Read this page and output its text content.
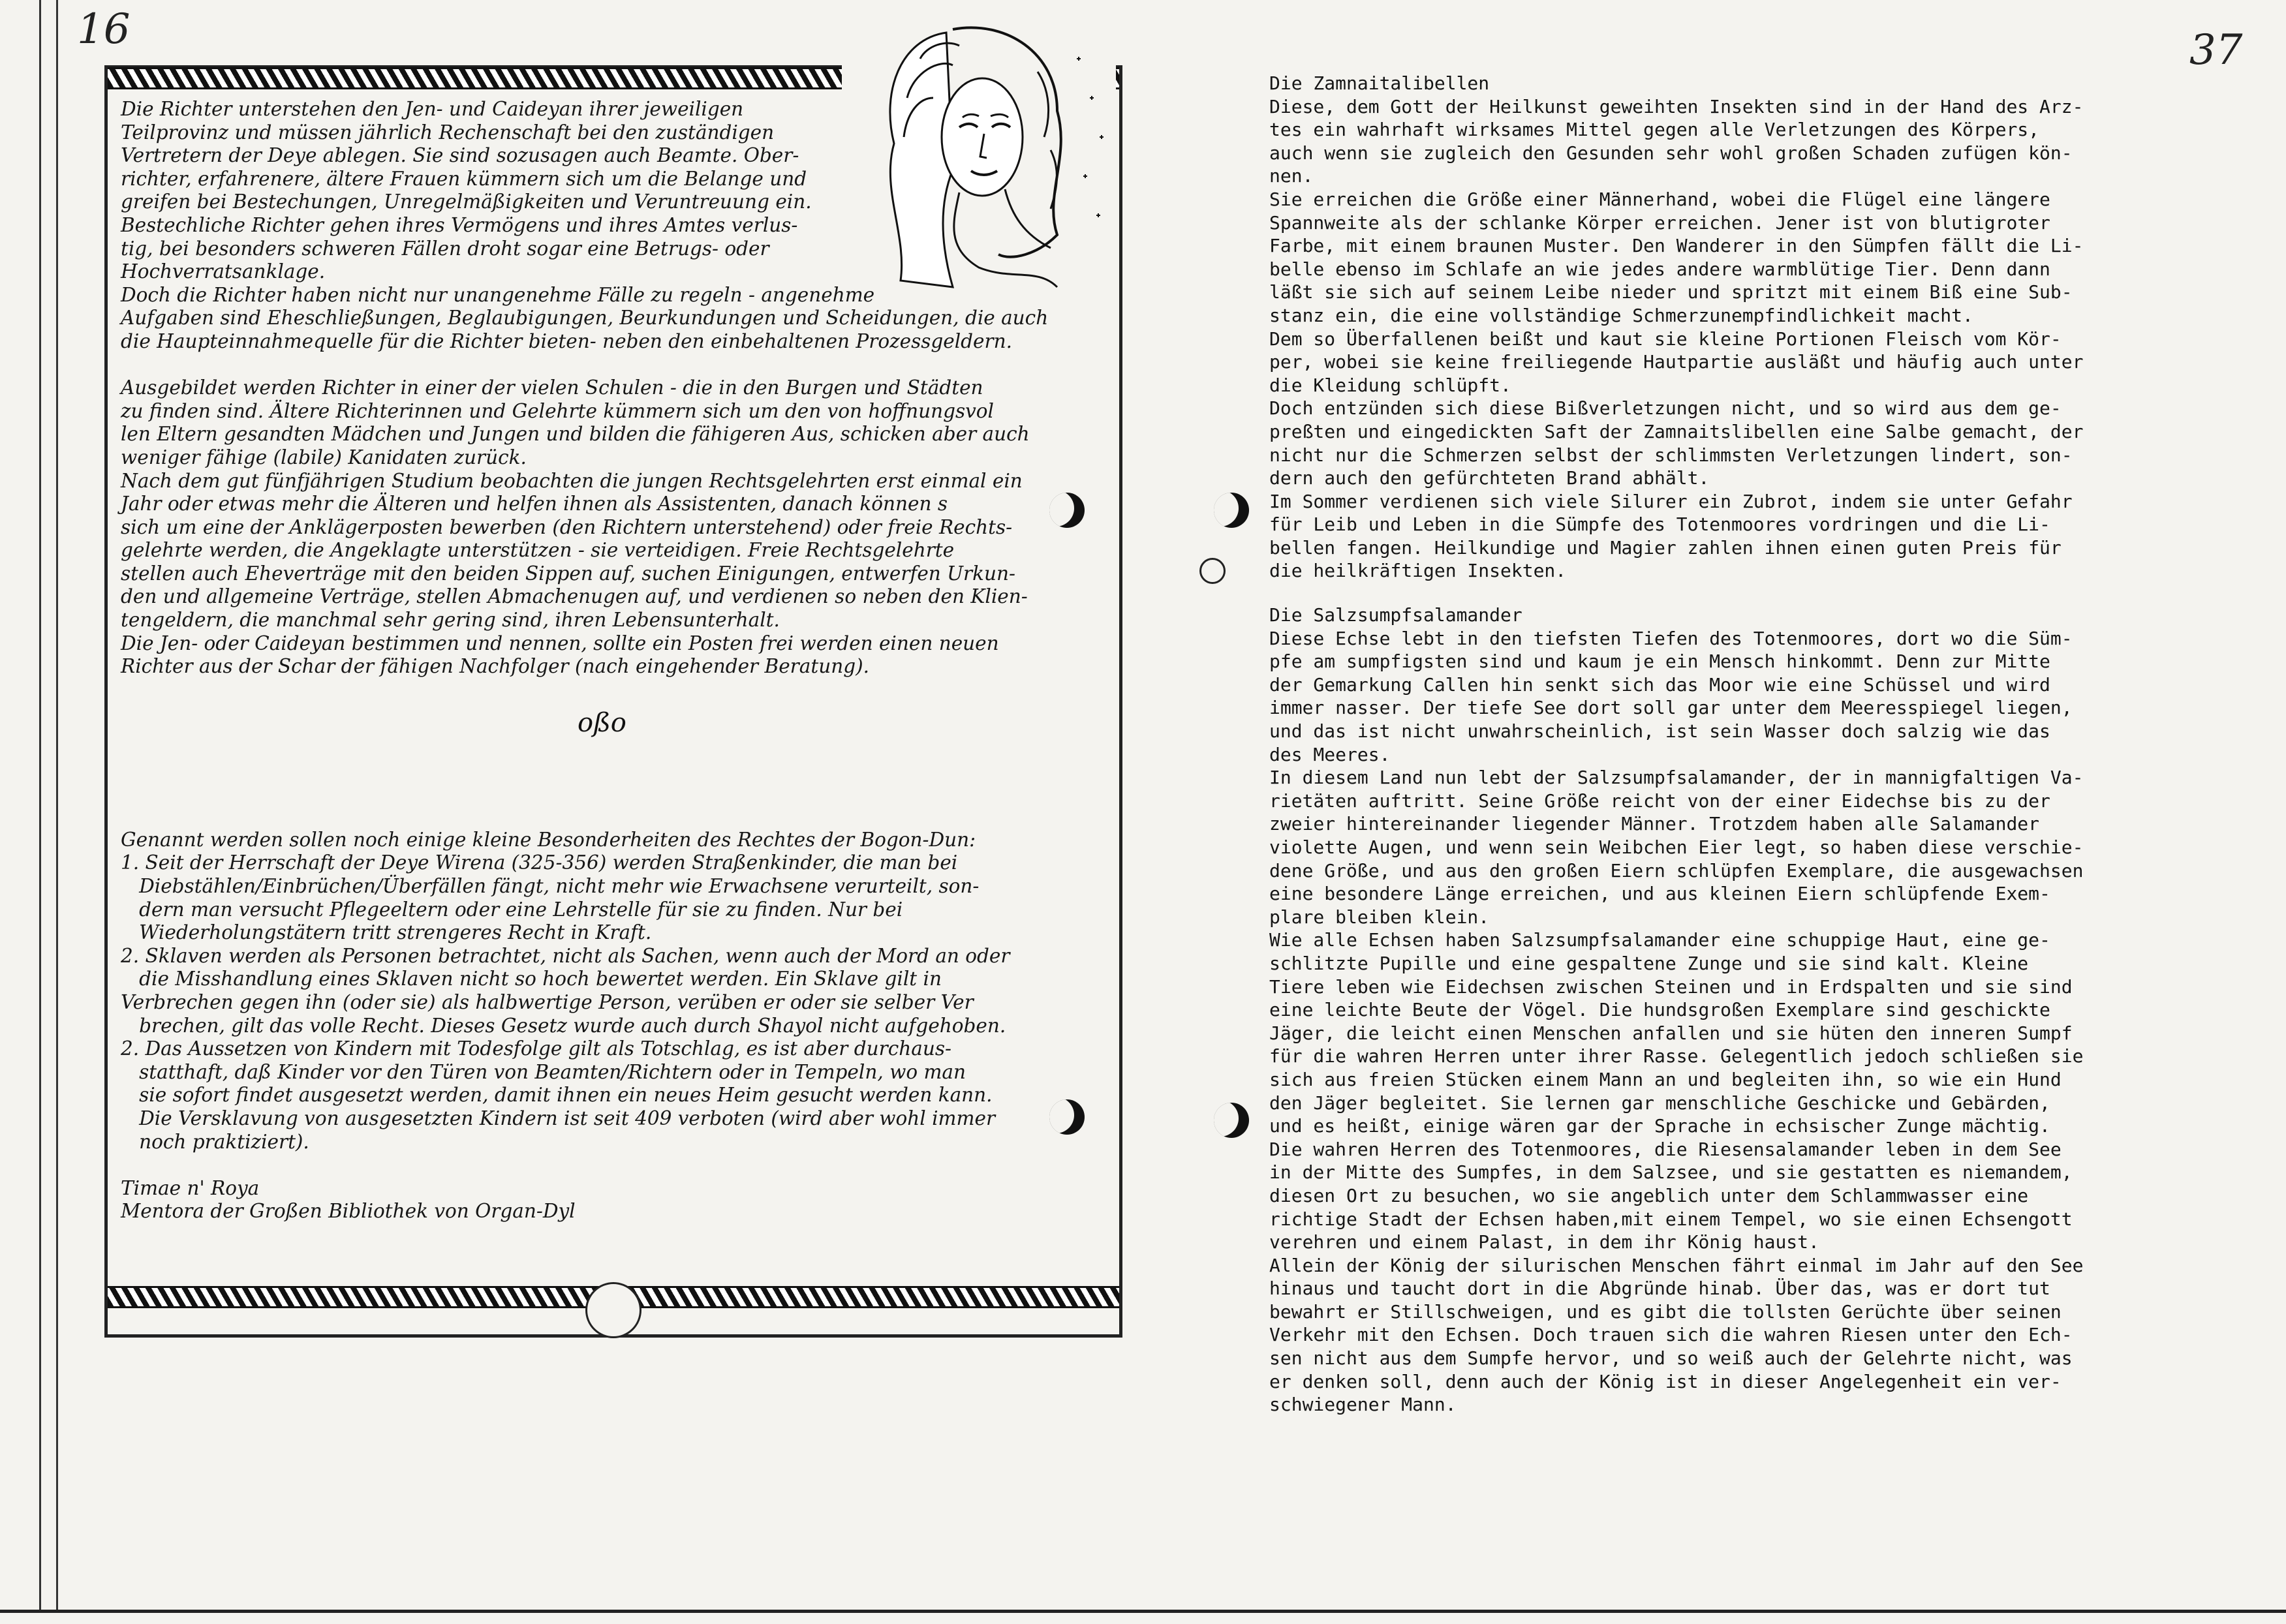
16	37
Die Richter unterstehen den Jen- und Caideyan ihrer jeweiligen
Teilprovinz und müssen jährlich Rechenschaft bei den zuständigen
Vertretern der Deye ablegen. Sie sind sozusagen auch Beamte. Ober-
richter, erfahrenere, ältere Frauen kümmern sich um die Belange und
greifen bei Bestechungen, Unregelmäßigkeiten und Veruntreuung ein.
Bestechliche Richter gehen ihres Vermögens und ihres Amtes verlus-
tig, bei besonders schweren Fällen droht sogar eine Betrugs- oder
Hochverratsanklage.
Doch die Richter haben nicht nur unangenehme Fälle zu regeln - angenehme
Aufgaben sind Eheschließungen, Beglaubigungen, Beurkundungen und Scheidungen, die auch
die Haupteinnahmequelle für die Richter bieten- neben den einbehaltenen Prozessgeldern.
Ausgebildet werden Richter in einer der vielen Schulen - die in den Burgen und Städten
zu finden sind. Ältere Richterinnen und Gelehrte kümmern sich um den von hoffnungsvol
len Eltern gesandten Mädchen und Jungen und bilden die fähigeren Aus, schicken aber auch
weniger fähige (labile) Kanidaten zurück.
Nach dem gut fünfjährigen Studium beobachten die jungen Rechtsgelehrten erst einmal ein
Jahr oder etwas mehr die Älteren und helfen ihnen als Assistenten, danach können s
sich um eine der Anklägerposten bewerben (den Richtern unterstehend) oder freie Rechts-
gelehrte werden, die Angeklagte unterstützen - sie verteidigen. Freie Rechtsgelehrte
stellen auch Eheverträge mit den beiden Sippen auf, suchen Einigungen, entwerfen Urkun-
den und allgemeine Verträge, stellen Abmachenugen auf, und verdienen so neben den Klien-
tengeldern, die manchmal sehr gering sind, ihren Lebensunterhalt.
Die Jen- oder Caideyan bestimmen und nennen, sollte ein Posten frei werden einen neuen
Richter aus der Schar der fähigen Nachfolger (nach eingehender Beratung).
Genannt werden sollen noch einige kleine Besonderheiten des Rechtes der Bogon-Dun:
1. Seit der Herrschaft der Deye Wirena (325-356) werden Straßenkinder, die man bei
Diebstählen/Einbrüchen/Überfällen fängt, nicht mehr wie Erwachsene verurteilt, son-
dern man versucht Pflegeeltern oder eine Lehrstelle für sie zu finden. Nur bei
Wiederholungstätern tritt strengeres Recht in Kraft.
2. Sklaven werden als Personen betrachtet, nicht als Sachen, wenn auch der Mord an oder
die Misshandlung eines Sklaven nicht so hoch bewertet werden. Ein Sklave gilt in
Verbrechen gegen ihn (oder sie) als halbwertige Person, verüben er oder sie selber Ver
brechen, gilt das volle Recht. Dieses Gesetz wurde auch durch Shayol nicht aufgehoben.
2. Das Aussetzen von Kindern mit Todesfolge gilt als Totschlag, es ist aber durchaus-
statthaft, daß Kinder vor den Türen von Beamten/Richtern oder in Tempeln, wo man
sie sofort findet ausgesetzt werden, damit ihnen ein neues Heim gesucht werden kann.
Die Versklavung von ausgesetzten Kindern ist seit 409 verboten (wird aber wohl immer
noch praktiziert).
Timae n' Roya
Mentora der Großen Bibliothek von Organ-Dyl
oßo
Die Zamnaitalibellen
Diese, dem Gott der Heilkunst geweihten Insekten sind in der Hand des Arz-
tes ein wahrhaft wirksames Mittel gegen alle Verletzungen des Körpers,
auch wenn sie zugleich den Gesunden sehr wohl großen Schaden zufügen kön-
nen.
Sie erreichen die Größe einer Männerhand, wobei die Flügel eine längere
Spannweite als der schlanke Körper erreichen. Jener ist von blutigroter
Farbe, mit einem braunen Muster. Den Wanderer in den Sümpfen fällt die Li-
belle ebenso im Schlafe an wie jedes andere warmblütige Tier. Denn dann
läßt sie sich auf seinem Leibe nieder und spritzt mit einem Biß eine Sub-
stanz ein, die eine vollständige Schmerzunempfindlichkeit macht.
Dem so Überfallenen beißt und kaut sie kleine Portionen Fleisch vom Kör-
per, wobei sie keine freiliegende Hautpartie ausläßt und häufig auch unter
die Kleidung schlüpft.
Doch entzünden sich diese Bißverletzungen nicht, und so wird aus dem ge-
preßten und eingedickten Saft der Zamnaitslibellen eine Salbe gemacht, der
nicht nur die Schmerzen selbst der schlimmsten Verletzungen lindert, son-
dern auch den gefürchteten Brand abhält.
Im Sommer verdienen sich viele Silurer ein Zubrot, indem sie unter Gefahr
für Leib und Leben in die Sümpfe des Totenmoores vordringen und die Li-
bellen fangen. Heilkundige und Magier zahlen ihnen einen guten Preis für
die heilkräftigen Insekten.
Die Salzsumpfsalamander
Diese Echse lebt in den tiefsten Tiefen des Totenmoores, dort wo die Süm-
pfe am sumpfigsten sind und kaum je ein Mensch hinkommt. Denn zur Mitte
der Gemarkung Callen hin senkt sich das Moor wie eine Schüssel und wird
immer nasser. Der tiefe See dort soll gar unter dem Meeresspiegel liegen,
und das ist nicht unwahrscheinlich, ist sein Wasser doch salzig wie das
des Meeres.
In diesem Land nun lebt der Salzsumpfsalamander, der in mannigfaltigen Va-
rietäten auftritt. Seine Größe reicht von der einer Eidechse bis zu der
zweier hintereinander liegender Männer. Trotzdem haben alle Salamander
violette Augen, und wenn sein Weibchen Eier legt, so haben diese verschie-
dene Größe, und aus den großen Eiern schlüpfen Exemplare, die ausgewachsen
eine besondere Länge erreichen, und aus kleinen Eiern schlüpfende Exem-
plare bleiben klein.
Wie alle Echsen haben Salzsumpfsalamander eine schuppige Haut, eine ge-
schlitzte Pupille und eine gespaltene Zunge und sie sind kalt. Kleine
Tiere leben wie Eidechsen zwischen Steinen und in Erdspalten und sie sind
eine leichte Beute der Vögel. Die hundsgroßen Exemplare sind geschickte
Jäger, die leicht einen Menschen anfallen und sie hüten den inneren Sumpf
für die wahren Herren unter ihrer Rasse. Gelegentlich jedoch schließen sie
sich aus freien Stücken einem Mann an und begleiten ihn, so wie ein Hund
den Jäger begleitet. Sie lernen gar menschliche Geschicke und Gebärden,
und es heißt, einige wären gar der Sprache in echsischer Zunge mächtig.
Die wahren Herren des Totenmoores, die Riesensalamander leben in dem See
in der Mitte des Sumpfes, in dem Salzsee, und sie gestatten es niemandem,
diesen Ort zu besuchen, wo sie angeblich unter dem Schlammwasser eine
richtige Stadt der Echsen haben,mit einem Tempel, wo sie einen Echsengott
verehren und einem Palast, in dem ihr König haust.
Allein der König der silurischen Menschen fährt einmal im Jahr auf den See
hinaus und taucht dort in die Abgründe hinab. Über das, was er dort tut
bewahrt er Stillschweigen, und es gibt die tollsten Gerüchte über seinen
Verkehr mit den Echsen. Doch trauen sich die wahren Riesen unter den Ech-
sen nicht aus dem Sumpfe hervor, und so weiß auch der Gelehrte nicht, was
er denken soll, denn auch der König ist in dieser Angelegenheit ein ver-
schwiegener Mann.
